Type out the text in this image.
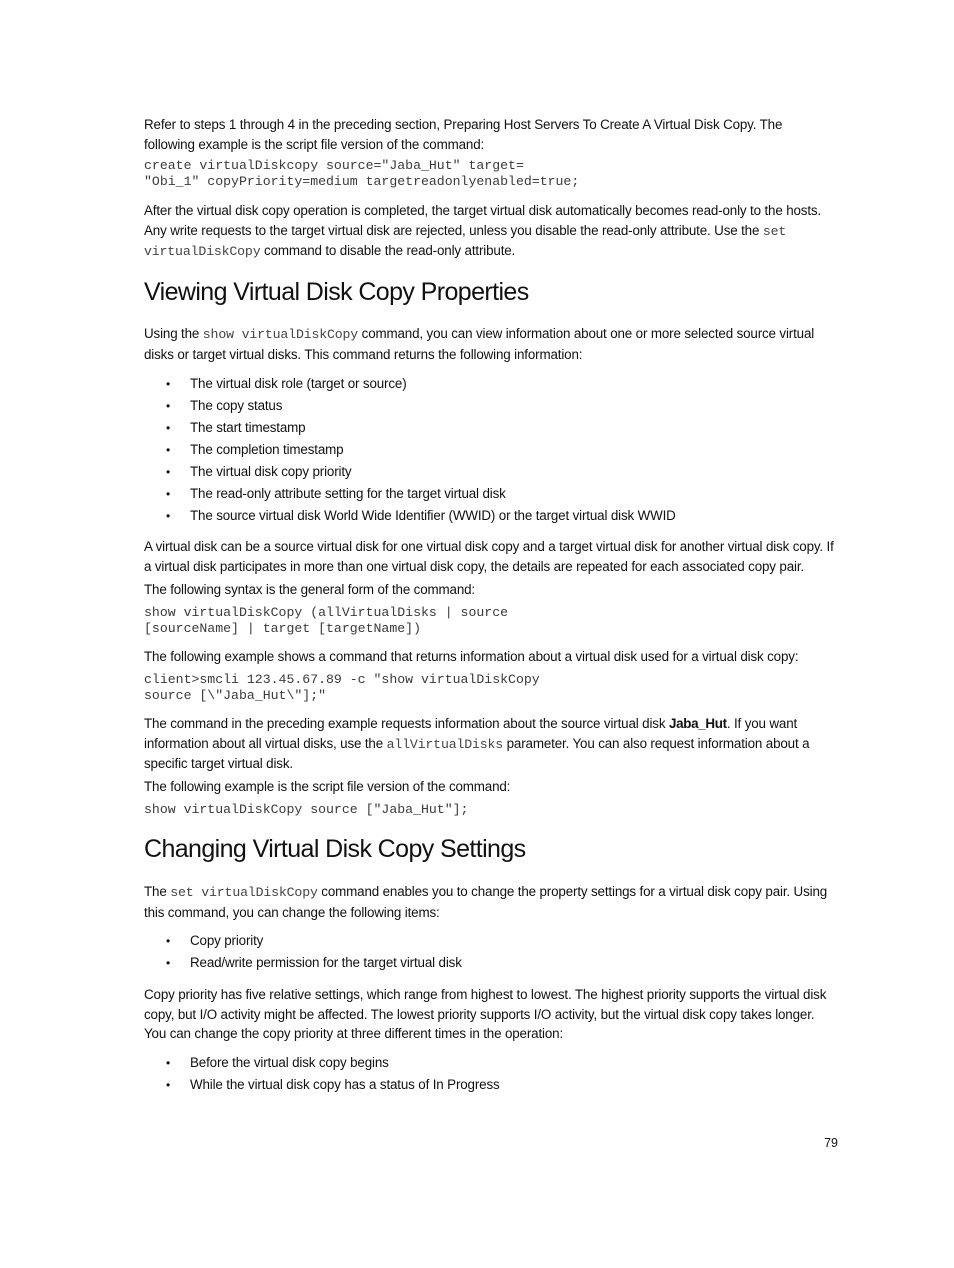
Refer to steps 1 through 4 in the preceding section, Preparing Host Servers To Create A Virtual Disk Copy. The following example is the script file version of the command:

create virtualDiskcopy source="Jaba_Hut" target=
"Obi_1" copyPriority=medium targetreadonlyenabled=true;

After the virtual disk copy operation is completed, the target virtual disk automatically becomes read-only to the hosts. Any write requests to the target virtual disk are rejected, unless you disable the read-only attribute. Use the set virtualDiskCopy command to disable the read-only attribute.

Viewing Virtual Disk Copy Properties

Using the show virtualDiskCopy command, you can view information about one or more selected source virtual disks or target virtual disks. This command returns the following information:

• The virtual disk role (target or source)
• The copy status
• The start timestamp
• The completion timestamp
• The virtual disk copy priority
• The read-only attribute setting for the target virtual disk
• The source virtual disk World Wide Identifier (WWID) or the target virtual disk WWID

A virtual disk can be a source virtual disk for one virtual disk copy and a target virtual disk for another virtual disk copy. If a virtual disk participates in more than one virtual disk copy, the details are repeated for each associated copy pair.

The following syntax is the general form of the command:

show virtualDiskCopy (allVirtualDisks | source
[sourceName] | target [targetName])

The following example shows a command that returns information about a virtual disk used for a virtual disk copy:

client>smcli 123.45.67.89 -c "show virtualDiskCopy
source [\"Jaba_Hut\"];"

The command in the preceding example requests information about the source virtual disk Jaba_Hut. If you want information about all virtual disks, use the allVirtualDisks parameter. You can also request information about a specific target virtual disk.

The following example is the script file version of the command:

show virtualDiskCopy source ["Jaba_Hut"];
Changing Virtual Disk Copy Settings

The set virtualDiskCopy command enables you to change the property settings for a virtual disk copy pair. Using this command, you can change the following items:

• Copy priority
• Read/write permission for the target virtual disk

Copy priority has five relative settings, which range from highest to lowest. The highest priority supports the virtual disk copy, but I/O activity might be affected. The lowest priority supports I/O activity, but the virtual disk copy takes longer. You can change the copy priority at three different times in the operation:

• Before the virtual disk copy begins
• While the virtual disk copy has a status of In Progress
79
